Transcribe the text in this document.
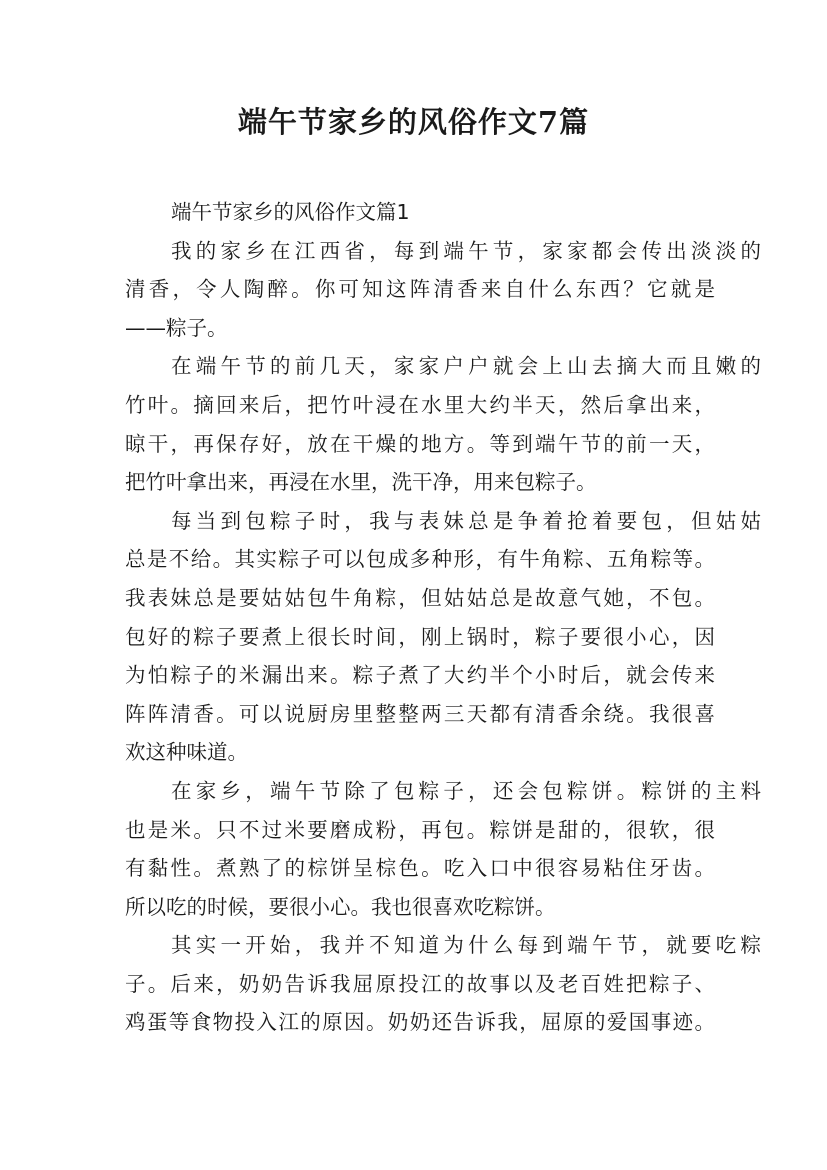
端午节家乡的风俗作文7篇
端午节家乡的风俗作文篇1
我的家乡在江西省，每到端午节，家家都会传出淡淡的
清香，令人陶醉。你可知这阵清香来自什么东西？它就是
——粽子。
在端午节的前几天，家家户户就会上山去摘大而且嫩的
竹叶。摘回来后，把竹叶浸在水里大约半天，然后拿出来，
晾干，再保存好，放在干燥的地方。等到端午节的前一天，
把竹叶拿出来，再浸在水里，洗干净，用来包粽子。
每当到包粽子时，我与表妹总是争着抢着要包，但姑姑
总是不给。其实粽子可以包成多种形，有牛角粽、五角粽等。
我表妹总是要姑姑包牛角粽，但姑姑总是故意气她，不包。
包好的粽子要煮上很长时间，刚上锅时，粽子要很小心，因
为怕粽子的米漏出来。粽子煮了大约半个小时后，就会传来
阵阵清香。可以说厨房里整整两三天都有清香余绕。我很喜
欢这种味道。
在家乡，端午节除了包粽子，还会包粽饼。粽饼的主料
也是米。只不过米要磨成粉，再包。粽饼是甜的，很软，很
有黏性。煮熟了的棕饼呈棕色。吃入口中很容易粘住牙齿。
所以吃的时候，要很小心。我也很喜欢吃粽饼。
其实一开始，我并不知道为什么每到端午节，就要吃粽
子。后来，奶奶告诉我屈原投江的故事以及老百姓把粽子、
鸡蛋等食物投入江的原因。奶奶还告诉我，屈原的爱国事迹。
